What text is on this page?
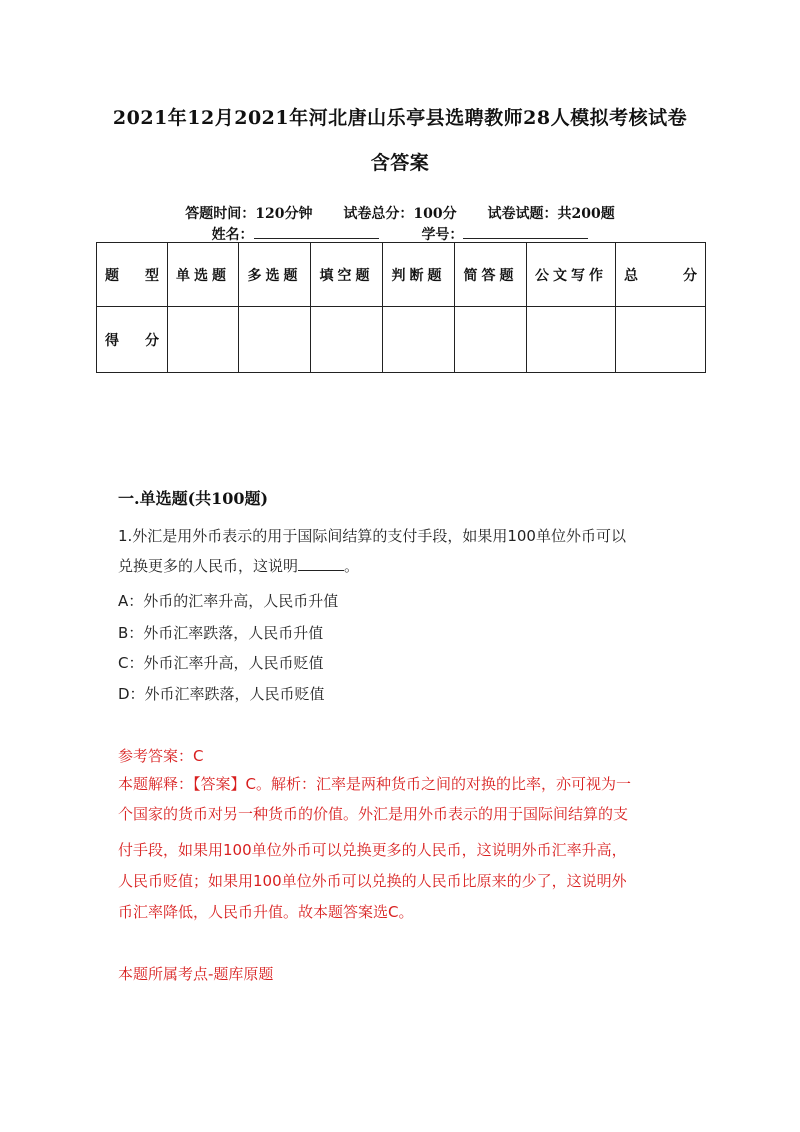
2021年12月2021年河北唐山乐亭县选聘教师28人模拟考核试卷
含答案
答题时间：120分钟 试卷总分：100分 试卷试题：共200题
姓名：	学号：
题 型	单选题	多选题	填空题	判断题	简答题	公文写作	总 分

得 分							

一.单选题(共100题)
1.外汇是用外币表示的用于国际间结算的支付手段，如果用100单位外币可以
兑换更多的人民币，这说明	。
A：外币的汇率升高，人民币升值
B：外币汇率跌落，人民币升值
C：外币汇率升高，人民币贬值
D：外币汇率跌落，人民币贬值
参考答案：C
本题解释：【答案】C。解析：汇率是两种货币之间的对换的比率，亦可视为一
个国家的货币对另一种货币的价值。外汇是用外币表示的用于国际间结算的支
付手段，如果用100单位外币可以兑换更多的人民币，这说明外币汇率升高，
人民币贬值；如果用100单位外币可以兑换的人民币比原来的少了，这说明外
币汇率降低，人民币升值。故本题答案选C。
本题所属考点-题库原题
